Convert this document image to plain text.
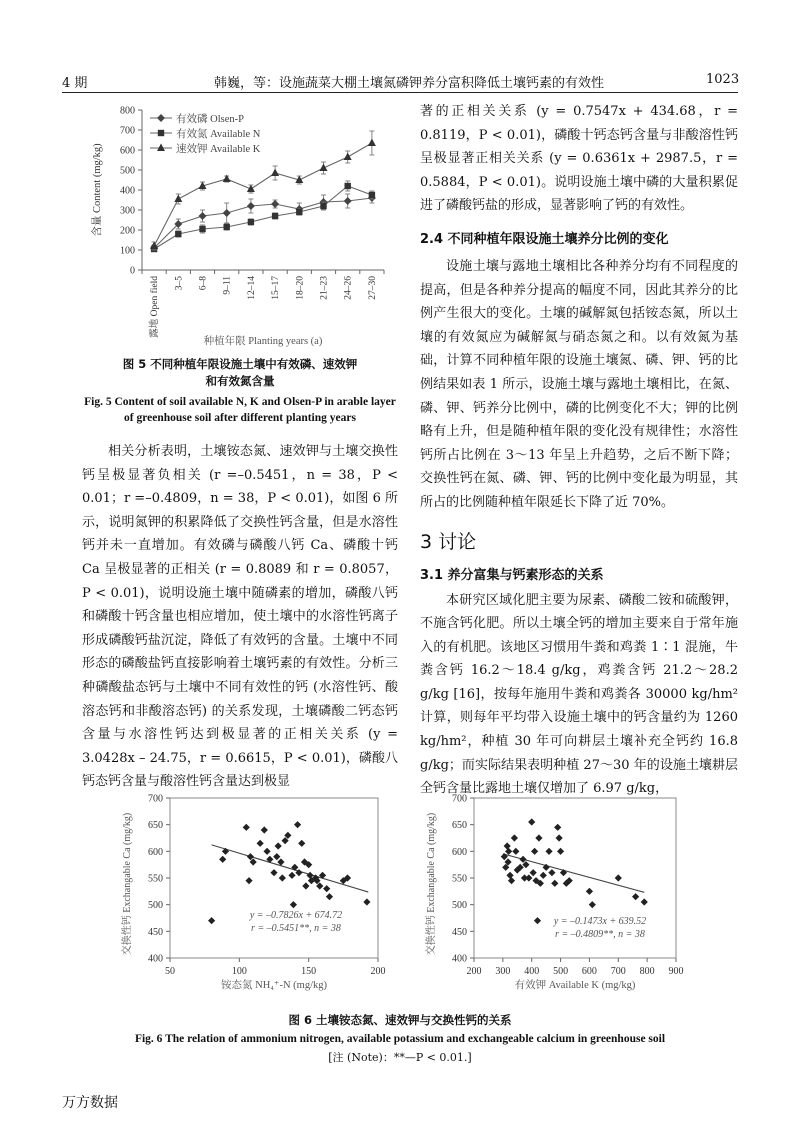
4 期	韩巍，等：设施蔬菜大棚土壤氮磷钾养分富积降低土壤钙素的有效性	1023
0
100
200
300
400
500
600
700
800
露地 Open field 3–5 6–8 9–11 12–14 15–17 18–20 21–23 24–26 27–30
含量 Content (mg/kg)
种植年限 Planting years (a)
有效磷 Olsen-P
有效氮 Available N
速效钾 Available K

图 5 不同种植年限设施土壤中有效磷、速效钾和有效氮含量

Fig. 5 Content of soil available N, K and Olsen-P in arable layer of greenhouse soil after different planting years

相关分析表明，土壤铵态氮、速效钾与土壤交换性钙呈极显著负相关 (r =–0.5451，n = 38，P < 0.01；r =–0.4809，n = 38，P < 0.01)，如图 6 所示，说明氮钾的积累降低了交换性钙含量，但是水溶性钙并未一直增加。有效磷与磷酸八钙 Ca、磷酸十钙 Ca 呈极显著的正相关 (r = 0.8089 和 r = 0.8057，P < 0.01)，说明设施土壤中随磷素的增加，磷酸八钙和磷酸十钙含量也相应增加，使土壤中的水溶性钙离子形成磷酸钙盐沉淀，降低了有效钙的含量。土壤中不同形态的磷酸盐钙直接影响着土壤钙素的有效性。分析三种磷酸盐态钙与土壤中不同有效性的钙 (水溶性钙、酸溶态钙和非酸溶态钙) 的关系发现，土壤磷酸二钙态钙含量与水溶性钙达到极显著的正相关关系 (y = 3.0428x – 24.75，r = 0.6615，P < 0.01)，磷酸八钙态钙含量与酸溶性钙含量达到极显

著的正相关关系 (y = 0.7547x + 434.68，r = 0.8119，P < 0.01)，磷酸十钙态钙含量与非酸溶性钙呈极显著正相关关系 (y = 0.6361x + 2987.5，r = 0.5884，P < 0.01)。说明设施土壤中磷的大量积累促进了磷酸钙盐的形成，显著影响了钙的有效性。

2.4 不同种植年限设施土壤养分比例的变化

设施土壤与露地土壤相比各种养分均有不同程度的提高，但是各种养分提高的幅度不同，因此其养分的比例产生很大的变化。土壤的碱解氮包括铵态氮，所以土壤的有效氮应为碱解氮与硝态氮之和。以有效氮为基础，计算不同种植年限的设施土壤氮、磷、钾、钙的比例结果如表 1 所示，设施土壤与露地土壤相比，在氮、磷、钾、钙养分比例中，磷的比例变化不大；钾的比例略有上升，但是随种植年限的变化没有规律性；水溶性钙所占比例在 3～13 年呈上升趋势，之后不断下降；交换性钙在氮、磷、钾、钙的比例中变化最为明显，其所占的比例随种植年限延长下降了近 70%。

3 讨论

3.1 养分富集与钙素形态的关系

本研究区域化肥主要为尿素、磷酸二铵和硫酸钾，不施含钙化肥。所以土壤全钙的增加主要来自于常年施入的有机肥。该地区习惯用牛粪和鸡粪 1∶1 混施，牛粪含钙 16.2～18.4 g/kg，鸡粪含钙 21.2～28.2 g/kg [16]，按每年施用牛粪和鸡粪各 30000 kg/hm² 计算，则每年平均带入设施土壤中的钙含量约为 1260 kg/hm²，种植 30 年可向耕层土壤补充全钙约 16.8 g/kg；而实际结果表明种植 27～30 年的设施土壤耕层全钙含量比露地土壤仅增加了 6.97 g/kg，

400
450
500
550
600
650
700
50	100	150	200
交换性钙 Exchangable Ca (mg/kg)
铵态氮 NH₄⁺-N (mg/kg)
y = –0.7826x + 674.72
r = –0.5451**, n = 38
400
450
500
550
600
650
700
200 300 400 500 600 700 800 900
交换性钙 Exchangable Ca (mg/kg)
有效钾 Available K (mg/kg)
y = –0.1473x + 639.52
r = –0.4809**, n = 38

图 6 土壤铵态氮、速效钾与交换性钙的关系

Fig. 6 The relation of ammonium nitrogen, available potassium and exchangeable calcium in greenhouse soil

[注 (Note)：**—P < 0.01.]

万方数据
